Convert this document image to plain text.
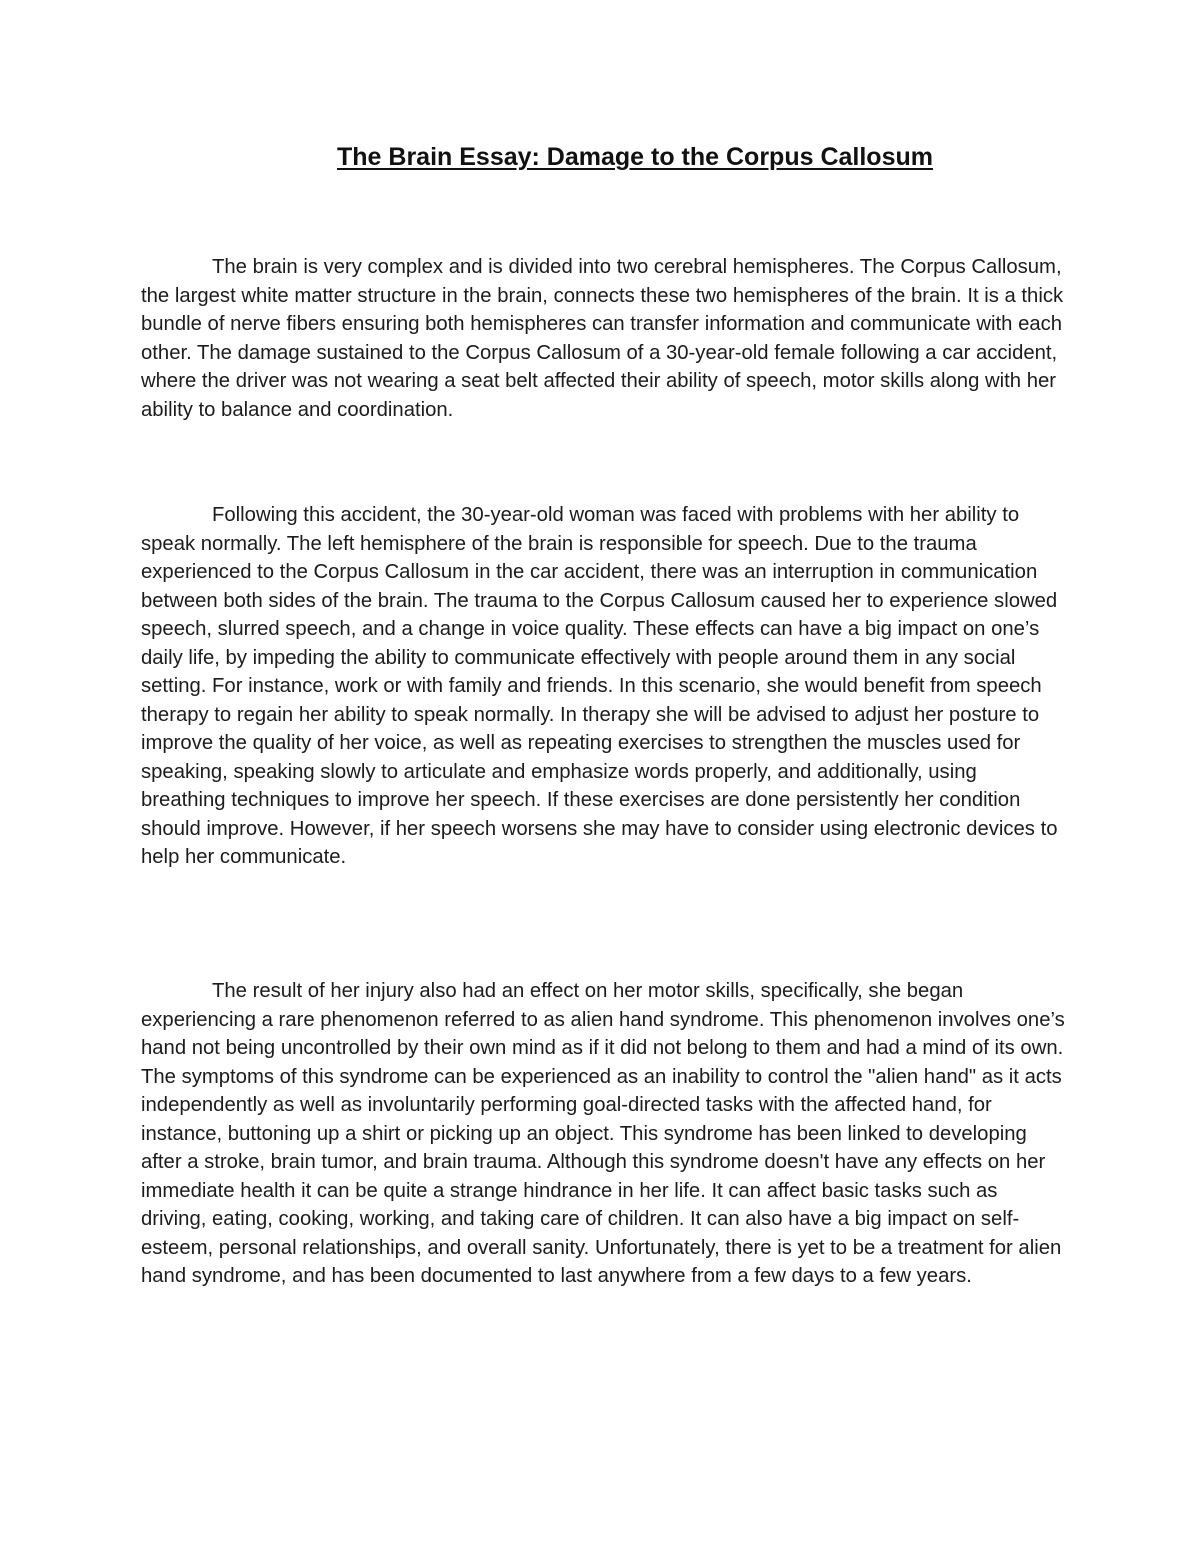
The Brain Essay: Damage to the Corpus Callosum

The brain is very complex and is divided into two cerebral hemispheres. The Corpus Callosum, the largest white matter structure in the brain, connects these two hemispheres of the brain. It is a thick bundle of nerve fibers ensuring both hemispheres can transfer information and communicate with each other. The damage sustained to the Corpus Callosum of a 30-year-old female following a car accident, where the driver was not wearing a seat belt affected their ability of speech, motor skills along with her ability to balance and coordination.

Following this accident, the 30-year-old woman was faced with problems with her ability to speak normally. The left hemisphere of the brain is responsible for speech. Due to the trauma experienced to the Corpus Callosum in the car accident, there was an interruption in communication between both sides of the brain. The trauma to the Corpus Callosum caused her to experience slowed speech, slurred speech, and a change in voice quality. These effects can have a big impact on one’s daily life, by impeding the ability to communicate effectively with people around them in any social setting. For instance, work or with family and friends. In this scenario, she would benefit from speech therapy to regain her ability to speak normally. In therapy she will be advised to adjust her posture to improve the quality of her voice, as well as repeating exercises to strengthen the muscles used for speaking, speaking slowly to articulate and emphasize words properly, and additionally, using breathing techniques to improve her speech. If these exercises are done persistently her condition should improve. However, if her speech worsens she may have to consider using electronic devices to help her communicate.

The result of her injury also had an effect on her motor skills, specifically, she began experiencing a rare phenomenon referred to as alien hand syndrome. This phenomenon involves one’s hand not being uncontrolled by their own mind as if it did not belong to them and had a mind of its own. The symptoms of this syndrome can be experienced as an inability to control the "alien hand" as it acts independently as well as involuntarily performing goal-directed tasks with the affected hand, for instance, buttoning up a shirt or picking up an object. This syndrome has been linked to developing after a stroke, brain tumor, and brain trauma. Although this syndrome doesn't have any effects on her immediate health it can be quite a strange hindrance in her life. It can affect basic tasks such as driving, eating, cooking, working, and taking care of children. It can also have a big impact on self-esteem, personal relationships, and overall sanity. Unfortunately, there is yet to be a treatment for alien hand syndrome, and has been documented to last anywhere from a few days to a few years.
